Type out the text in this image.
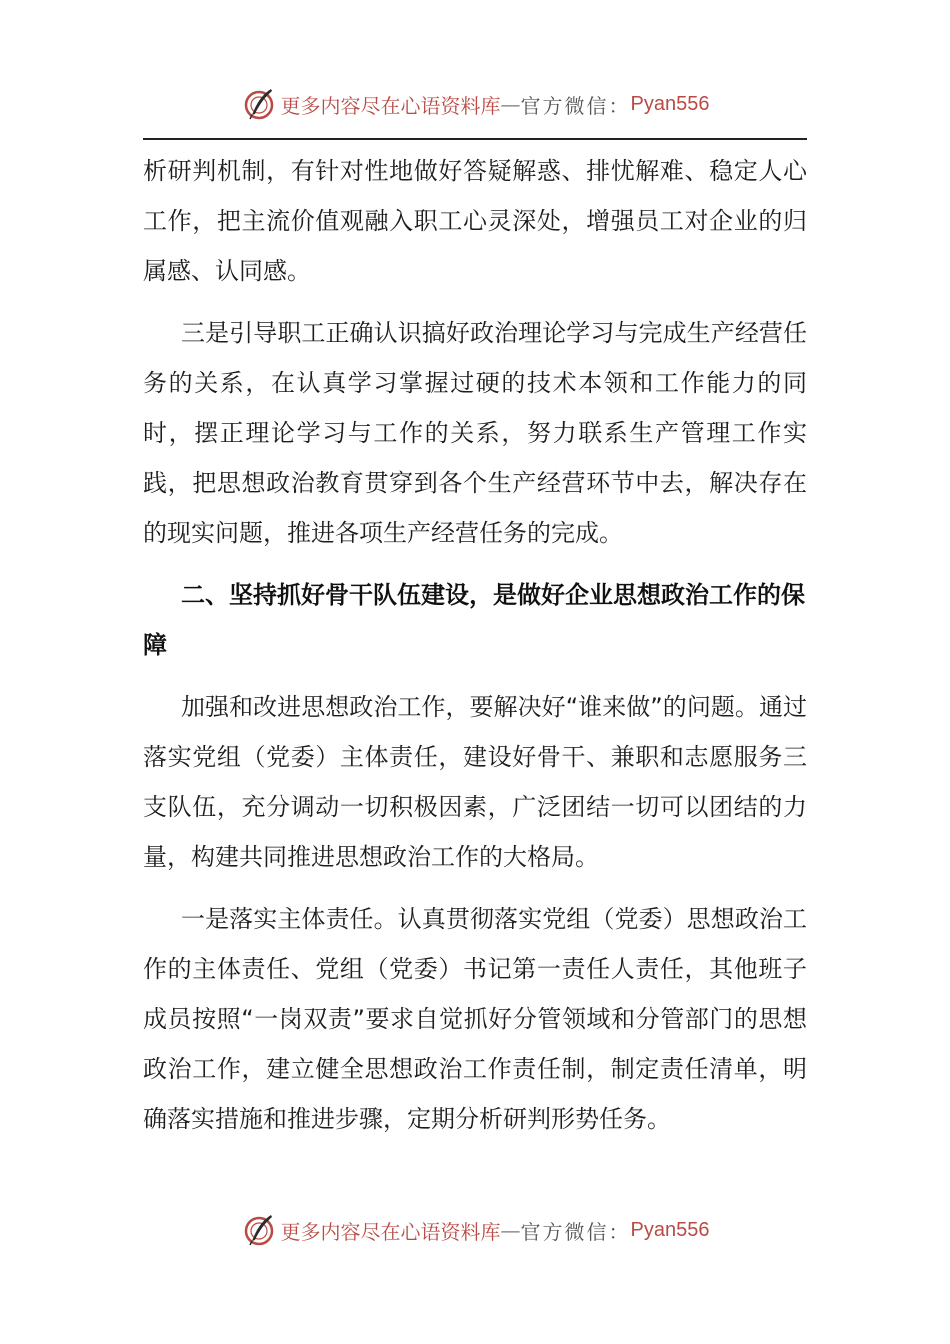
更多内容尽在心语资料库 — 官方微信： Pyan556

析研判机制，有针对性地做好答疑解惑、排忧解难、稳定人心工作，把主流价值观融入职工心灵深处，增强员工对企业的归属感、认同感。

三是引导职工正确认识搞好政治理论学习与完成生产经营任务的关系，在认真学习掌握过硬的技术本领和工作能力的同时，摆正理论学习与工作的关系，努力联系生产管理工作实践，把思想政治教育贯穿到各个生产经营环节中去，解决存在的现实问题，推进各项生产经营任务的完成。

二、坚持抓好骨干队伍建设，是做好企业思想政治工作的保障

加强和改进思想政治工作，要解决好“谁来做”的问题。通过落实党组（党委）主体责任，建设好骨干、兼职和志愿服务三支队伍，充分调动一切积极因素，广泛团结一切可以团结的力量，构建共同推进思想政治工作的大格局。

一是落实主体责任。认真贯彻落实党组（党委）思想政治工作的主体责任、党组（党委）书记第一责任人责任，其他班子成员按照“一岗双责”要求自觉抓好分管领域和分管部门的思想政治工作，建立健全思想政治工作责任制，制定责任清单，明确落实措施和推进步骤，定期分析研判形势任务。

更多内容尽在心语资料库 — 官方微信： Pyan556
